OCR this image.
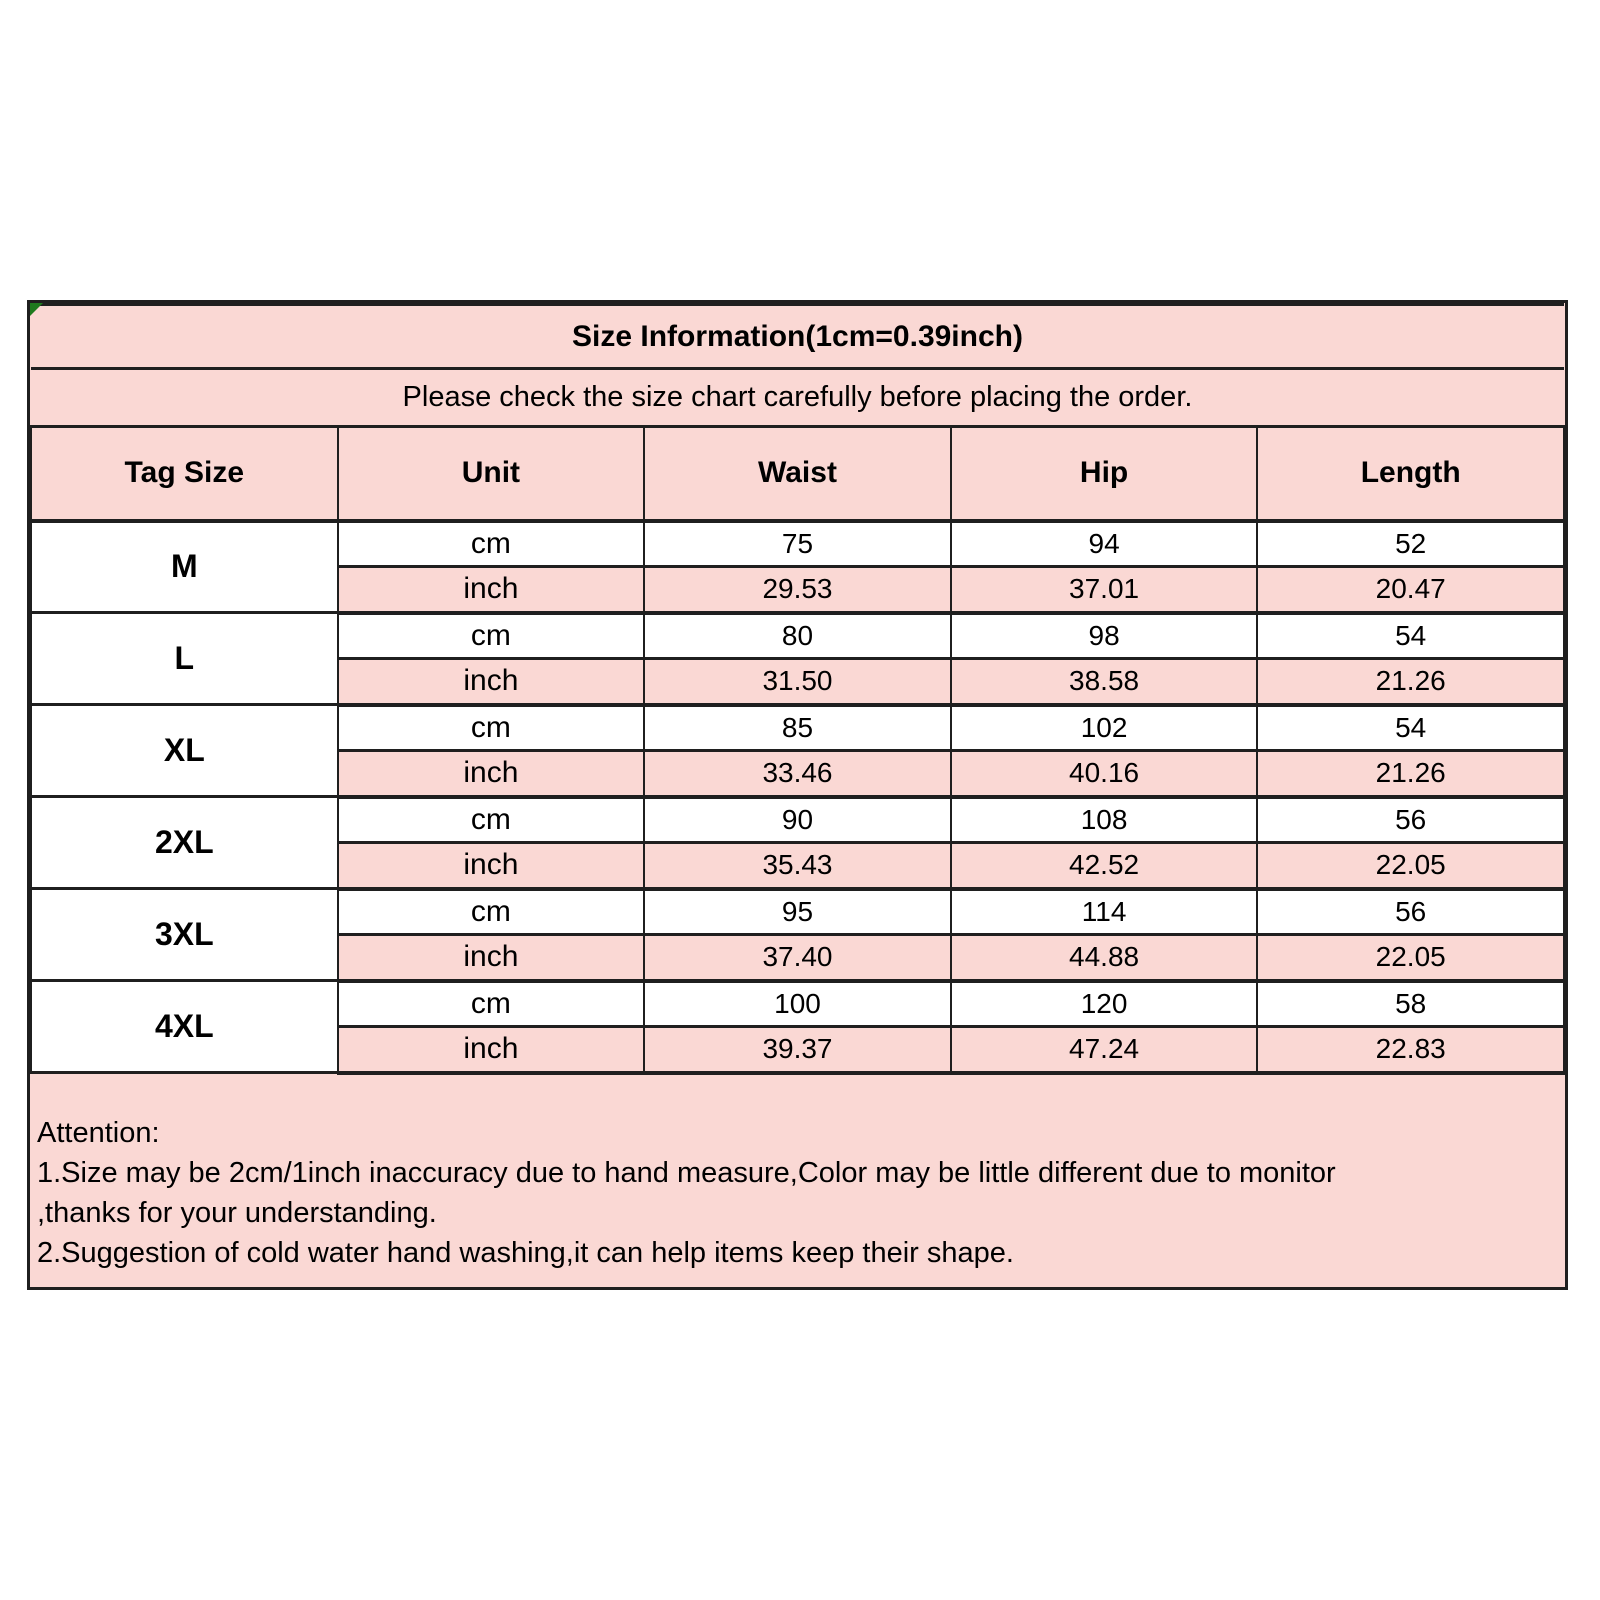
Size Information(1cm=0.39inch)				
Please check the size chart carefully before placing the order.				
Tag Size	Unit	Waist	Hip	Length
M	cm	75	94	52
	inch	29.53	37.01	20.47
L	cm	80	98	54
	inch	31.50	38.58	21.26
XL	cm	85	102	54
	inch	33.46	40.16	21.26
2XL	cm	90	108	56
	inch	35.43	42.52	22.05
3XL	cm	95	114	56
	inch	37.40	44.88	22.05
4XL	cm	100	120	58
	inch	39.37	47.24	22.83

Attention:
1.Size may be 2cm/1inch inaccuracy due to hand measure,Color may be little different due to monitor
,thanks for your understanding.
2.Suggestion of cold water hand washing,it can help items keep their shape.				
